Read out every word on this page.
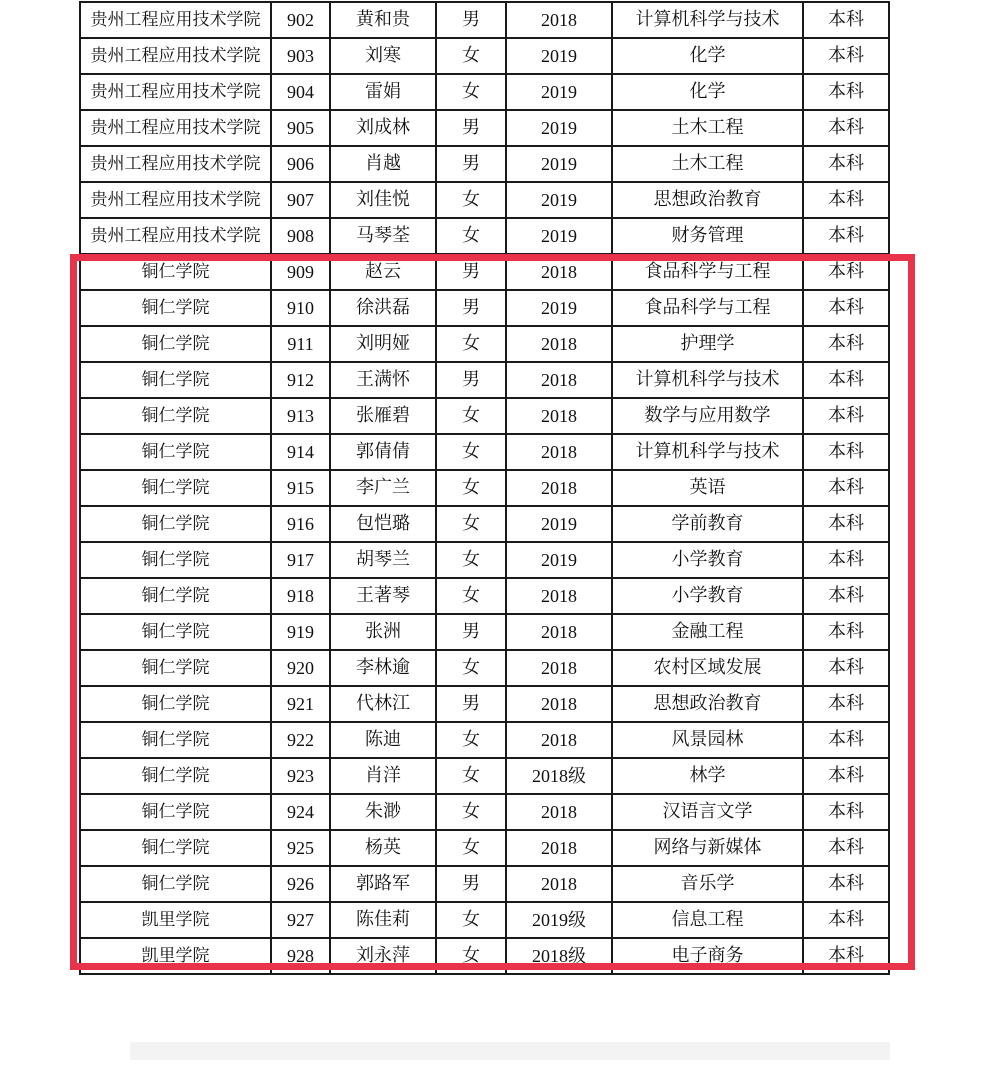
贵州工程应用技术学院	902	黄和贵	男	2018	计算机科学与技术	本科
贵州工程应用技术学院	903	刘寒	女	2019	化学	本科
贵州工程应用技术学院	904	雷娟	女	2019	化学	本科
贵州工程应用技术学院	905	刘成林	男	2019	土木工程	本科
贵州工程应用技术学院	906	肖越	男	2019	土木工程	本科
贵州工程应用技术学院	907	刘佳悦	女	2019	思想政治教育	本科
贵州工程应用技术学院	908	马琴荃	女	2019	财务管理	本科
铜仁学院	909	赵云	男	2018	食品科学与工程	本科
铜仁学院	910	徐洪磊	男	2019	食品科学与工程	本科
铜仁学院	911	刘明娅	女	2018	护理学	本科
铜仁学院	912	王满怀	男	2018	计算机科学与技术	本科
铜仁学院	913	张雁碧	女	2018	数学与应用数学	本科
铜仁学院	914	郭倩倩	女	2018	计算机科学与技术	本科
铜仁学院	915	李广兰	女	2018	英语	本科
铜仁学院	916	包恺璐	女	2019	学前教育	本科
铜仁学院	917	胡琴兰	女	2019	小学教育	本科
铜仁学院	918	王著琴	女	2018	小学教育	本科
铜仁学院	919	张洲	男	2018	金融工程	本科
铜仁学院	920	李林逾	女	2018	农村区域发展	本科
铜仁学院	921	代林江	男	2018	思想政治教育	本科
铜仁学院	922	陈迪	女	2018	风景园林	本科
铜仁学院	923	肖洋	女	2018级	林学	本科
铜仁学院	924	朱渺	女	2018	汉语言文学	本科
铜仁学院	925	杨英	女	2018	网络与新媒体	本科
铜仁学院	926	郭路军	男	2018	音乐学	本科
凯里学院	927	陈佳莉	女	2019级	信息工程	本科
凯里学院	928	刘永萍	女	2018级	电子商务	本科
